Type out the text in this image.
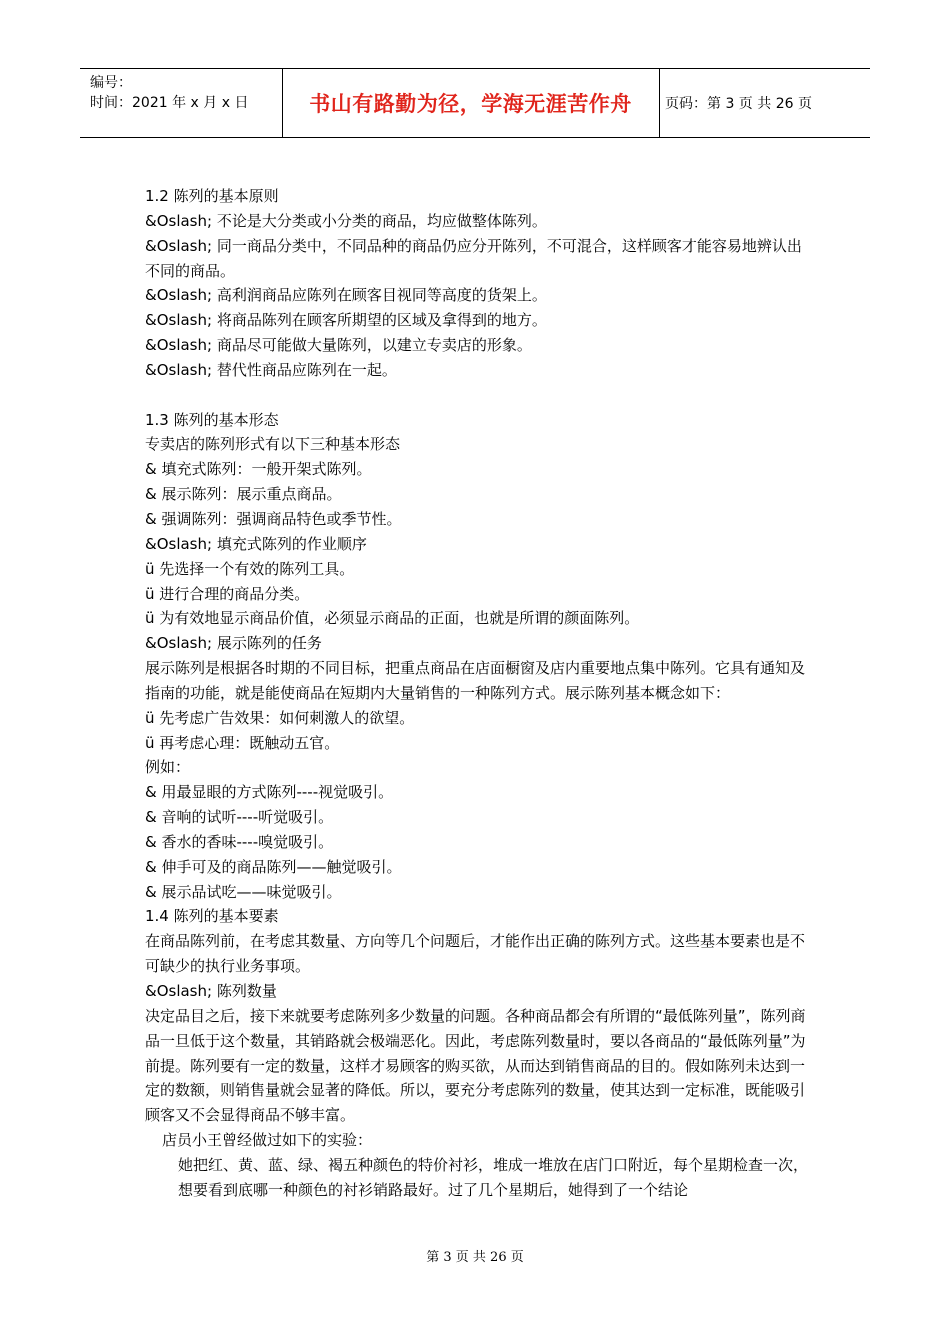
编号：
时间：2021 年 x 月 x 日	书山有路勤为径，学海无涯苦作舟	页码：第 3 页 共 26 页

1.2 陈列的基本原则

&Oslash; 不论是大分类或小分类的商品，均应做整体陈列。

&Oslash; 同一商品分类中，不同品种的商品仍应分开陈列，不可混合，这样顾客才能容易地辨认出不同的商品。

&Oslash; 高利润商品应陈列在顾客目视同等高度的货架上。

&Oslash; 将商品陈列在顾客所期望的区域及拿得到的地方。

&Oslash; 商品尽可能做大量陈列，以建立专卖店的形象。

&Oslash; 替代性商品应陈列在一起。

1.3 陈列的基本形态

专卖店的陈列形式有以下三种基本形态

& 填充式陈列：一般开架式陈列。

& 展示陈列：展示重点商品。

& 强调陈列：强调商品特色或季节性。

&Oslash; 填充式陈列的作业顺序

ü 先选择一个有效的陈列工具。

ü 进行合理的商品分类。

ü 为有效地显示商品价值，必须显示商品的正面，也就是所谓的颜面陈列。

&Oslash; 展示陈列的任务

展示陈列是根据各时期的不同目标，把重点商品在店面橱窗及店内重要地点集中陈列。它具有通知及指南的功能，就是能使商品在短期内大量销售的一种陈列方式。展示陈列基本概念如下：

ü 先考虑广告效果：如何刺激人的欲望。

ü 再考虑心理：既触动五官。

例如：

& 用最显眼的方式陈列----视觉吸引。

& 音响的试听----听觉吸引。

& 香水的香味----嗅觉吸引。

& 伸手可及的商品陈列——触觉吸引。

& 展示品试吃——味觉吸引。

1.4 陈列的基本要素

在商品陈列前，在考虑其数量、方向等几个问题后，才能作出正确的陈列方式。这些基本要素也是不可缺少的执行业务事项。

&Oslash; 陈列数量

决定品目之后，接下来就要考虑陈列多少数量的问题。各种商品都会有所谓的“最低陈列量”，陈列商品一旦低于这个数量，其销路就会极端恶化。因此，考虑陈列数量时，要以各商品的“最低陈列量”为前提。陈列要有一定的数量，这样才易顾客的购买欲，从而达到销售商品的目的。假如陈列未达到一定的数额，则销售量就会显著的降低。所以，要充分考虑陈列的数量，使其达到一定标准，既能吸引顾客又不会显得商品不够丰富。

店员小王曾经做过如下的实验：

她把红、黄、蓝、绿、褐五种颜色的特价衬衫，堆成一堆放在店门口附近，每个星期检查一次，想要看到底哪一种颜色的衬衫销路最好。过了几个星期后，她得到了一个结论

第 3 页 共 26 页
